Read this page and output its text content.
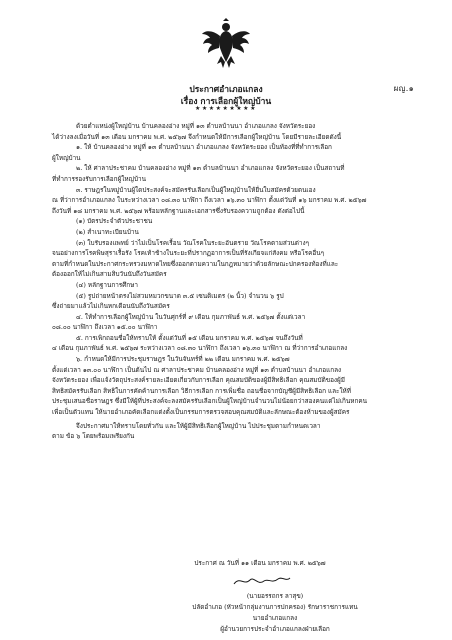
ผญ.๑
ประกาศอำเภอแกลง
เรื่อง การเลือกผู้ใหญ่บ้าน
★★★★★★★★★

ด้วยตำแหน่งผู้ใหญ่บ้าน บ้านคลองอ่าง หมู่ที่ ๑๓ ตำบลบ้านนา อำเภอแกลง จังหวัดระยอง

ได้ว่างลงเมื่อวันที่ ๑๓ เดือน มกราคม พ.ศ. ๒๕๖๗ จึงกำหนดให้มีการเลือกผู้ใหญ่บ้าน โดยมีรายละเอียดดังนี้

๑. ให้ บ้านคลองอ่าง หมู่ที่ ๑๓ ตำบลบ้านนา อำเภอแกลง จังหวัดระยอง เป็นท้องที่ที่ทำการเลือก

ผู้ใหญ่บ้าน

๒. ให้ ศาลาประชาคม บ้านคลองอ่าง หมู่ที่ ๑๓ ตำบลบ้านนา อำเภอแกลง จังหวัดระยอง เป็นสถานที่

ที่ทำการรองรับการเลือกผู้ใหญ่บ้าน

๓. ราษฎรในหมู่บ้านผู้ใดประสงค์จะสมัครรับเลือกเป็นผู้ใหญ่บ้านให้ยื่นใบสมัครด้วยตนเอง

ณ ที่ว่าการอำเภอแกลง ในระหว่างเวลา ๐๘.๓๐ นาฬิกา ถึงเวลา ๑๖.๓๐ นาฬิกา ตั้งแต่วันที่ ๑๖ มกราคม พ.ศ. ๒๕๖๗

ถึงวันที่ ๑๘ มกราคม พ.ศ. ๒๕๖๗ พร้อมหลักฐานและเอกสารซึ่งรับรองความถูกต้อง ดังต่อไปนี้

(๑) บัตรประจำตัวประชาชน

(๒) สำเนาทะเบียนบ้าน

(๓) ใบรับรองแพทย์ ว่าไม่เป็นโรคเรื้อน วัณโรคในระยะอันตราย วัณโรคตามส่วนต่างๆ

จนอย่างการโรคพิษสุราเรื้อรัง โรคเท้าช้างในระยะที่ปรากฏอาการเป็นที่รังเกียจแก่สังคม หรือโรคอื่นๆ

ตามที่กำหนดในประกาศกระทรวงมหาดไทยซึ่งออกตามความในกฎหมายว่าด้วยลักษณะปกครองท้องที่และ

ต้องออกให้ไม่เกินสามสิบวันนับถึงวันสมัคร

(๔) หลักฐานการศึกษา

(๕) รูปถ่ายหน้าตรงไม่สวมหมวกขนาด ๓.๕ เซนติเมตร (๒ นิ้ว) จำนวน ๖ รูป

ซึ่งถ่ายมาแล้วไม่เกินหกเดือนนับถึงวันสมัคร

๔. ให้ทำการเลือกผู้ใหญ่บ้าน ในวันศุกร์ที่ ๙ เดือน กุมภาพันธ์ พ.ศ. ๒๕๖๗ ตั้งแต่เวลา

๐๘.๐๐ นาฬิกา ถึงเวลา ๑๕.๐๐ นาฬิกา

๕. การเพิกถอนชื่อให้ทราบให้ ตั้งแต่วันที่ ๑๕ เดือน มกราคม พ.ศ. ๒๕๖๗ จนถึงวันที่

๔ เดือน กุมภาพันธ์ พ.ศ. ๒๕๖๗ ระหว่างเวลา ๐๘.๓๐ นาฬิกา ถึงเวลา ๑๖.๓๐ นาฬิกา ณ ที่ว่าการอำเภอแกลง

๖. กำหนดให้มีการประชุมราษฎร ในวันจันทร์ที่ ๒๒ เดือน มกราคม พ.ศ. ๒๕๖๗

ตั้งแต่เวลา ๑๓.๐๐ นาฬิกา เป็นต้นไป ณ ศาลาประชาคม บ้านคลองอ่าง หมู่ที่ ๑๓ ตำบลบ้านนา อำเภอแกลง

จังหวัดระยอง เพื่อแจ้งวัตถุประสงค์รายละเอียดเกี่ยวกับการเลือก คุณสมบัติของผู้มีสิทธิเลือก คุณสมบัติของผู้มี

สิทธิสมัครรับเลือก สิทธิในการคัดค้านการเลือก วิธีการเลือก การเพิ่มชื่อ ถอนชื่อจากบัญชีผู้มีสิทธิเลือก และให้ที่

ประชุมเสนอชื่อราษฎร ซึ่งมีให้ผู้ที่ประสงค์จะลงสมัครรับเลือกเป็นผู้ใหญ่บ้านจำนวนไม่น้อยกว่าสองคนแต่ไม่เกินหกคน

เพื่อเป็นตัวแทน ให้นายอำเภอคัดเลือกแต่งตั้งเป็นกรรมการตรวจสอบคุณสมบัติและลักษณะต้องห้ามของผู้สมัคร

จึงประกาศมาให้ทราบโดยทั่วกัน และให้ผู้มีสิทธิเลือกผู้ใหญ่บ้าน ไปประชุมตามกำหนดเวลา

ตาม ข้อ ๖ โดยพร้อมเพรียงกัน

ประกาศ ณ วันที่ ๑๑ เดือน มกราคม พ.ศ. ๒๕๖๗
(นายอรรถกร ลาสุข)
ปลัดอำเภอ (หัวหน้ากลุ่มงานการปกครอง) รักษาราชการแทน
นายอำเภอแกลง
ผู้อำนวยการประจำอำเภอแกลงฝ่ายเลือก
